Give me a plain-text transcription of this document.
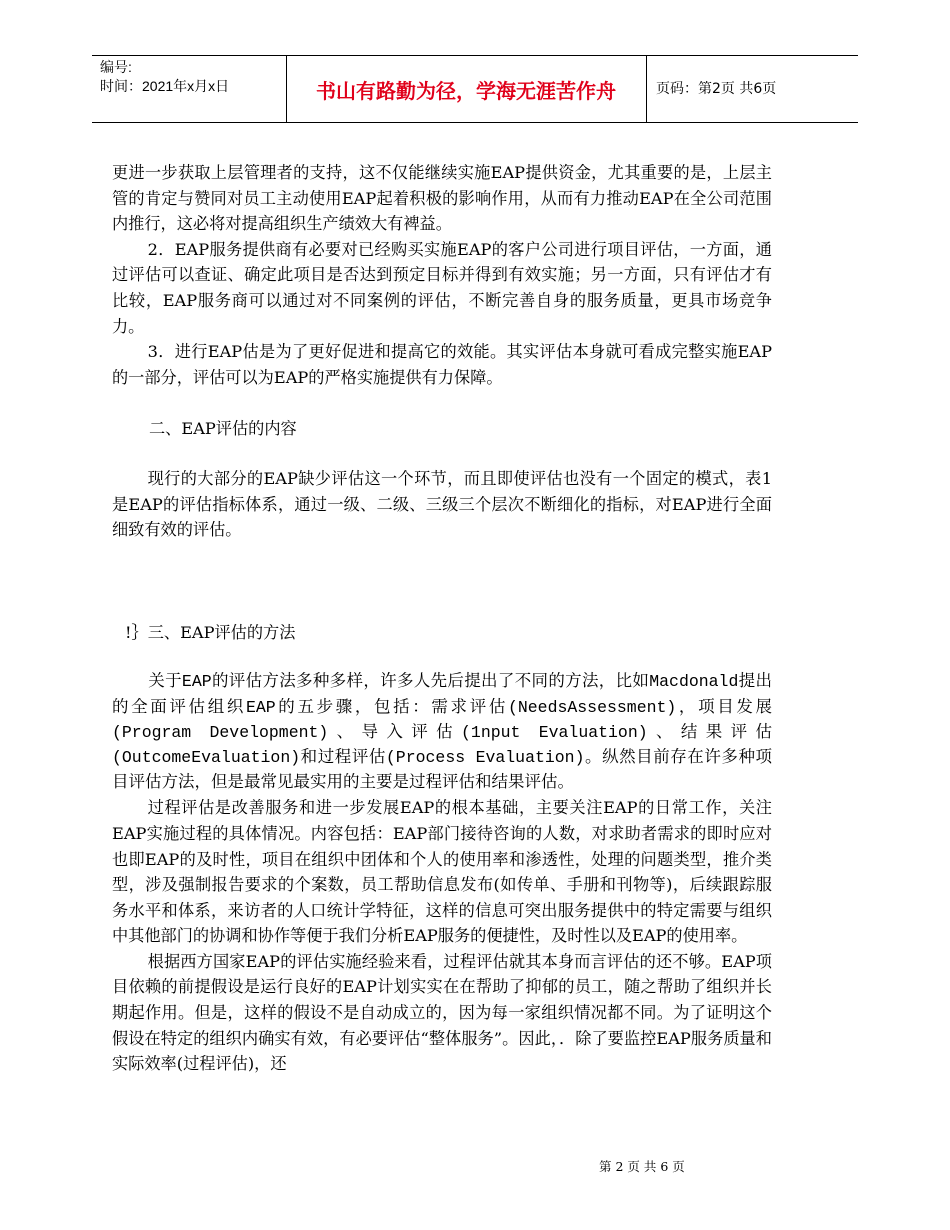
编号:
时间：2021年x月x日	书山有路勤为径，学海无涯苦作舟	页码：第2页 共6页

更进一步获取上层管理者的支持，这不仅能继续实施EAP提供资金，尤其重要的是，上层主管的肯定与赞同对员工主动使用EAP起着积极的影响作用，从而有力推动EAP在全公司范围内推行，这必将对提高组织生产绩效大有裨益。

2．EAP服务提供商有必要对已经购买实施EAP的客户公司进行项目评估，一方面，通过评估可以查证、确定此项目是否达到预定目标并得到有效实施；另一方面，只有评估才有比较，EAP服务商可以通过对不同案例的评估，不断完善自身的服务质量，更具市场竞争力。

3．进行EAP估是为了更好促进和提高它的效能。其实评估本身就可看成完整实施EAP的一部分，评估可以为EAP的严格实施提供有力保障。

二、EAP评估的内容

现行的大部分的EAP缺少评估这一个环节，而且即使评估也没有一个固定的模式，表1是EAP的评估指标体系，通过一级、二级、三级三个层次不断细化的指标，对EAP进行全面细致有效的评估。

!｝三、EAP评估的方法

关于EAP的评估方法多种多样，许多人先后提出了不同的方法，比如Macdonald提出的全面评估组织EAP的五步骤，包括：需求评估(NeedsAssessment)，项目发展(Program Development)、导入评估(1nput Evaluation)、结果评估(OutcomeEvaluation)和过程评估(Process Evaluation)。纵然目前存在许多种项目评估方法，但是最常见最实用的主要是过程评估和结果评估。

过程评估是改善服务和进一步发展EAP的根本基础，主要关注EAP的日常工作，关注EAP实施过程的具体情况。内容包括：EAP部门接待咨询的人数，对求助者需求的即时应对也即EAP的及时性，项目在组织中团体和个人的使用率和渗透性，处理的问题类型，推介类型，涉及强制报告要求的个案数，员工帮助信息发布(如传单、手册和刊物等)，后续跟踪服务水平和体系，来访者的人口统计学特征，这样的信息可突出服务提供中的特定需要与组织中其他部门的协调和协作等便于我们分析EAP服务的便捷性，及时性以及EAP的使用率。

根据西方国家EAP的评估实施经验来看，过程评估就其本身而言评估的还不够。EAP项目依赖的前提假设是运行良好的EAP计划实实在在帮助了抑郁的员工，随之帮助了组织并长期起作用。但是，这样的假设不是自动成立的，因为每一家组织情况都不同。为了证明这个假设在特定的组织内确实有效，有必要评估“整体服务”。因此，．除了要监控EAP服务质量和实际效率(过程评估)，还

第 2 页 共 6 页
